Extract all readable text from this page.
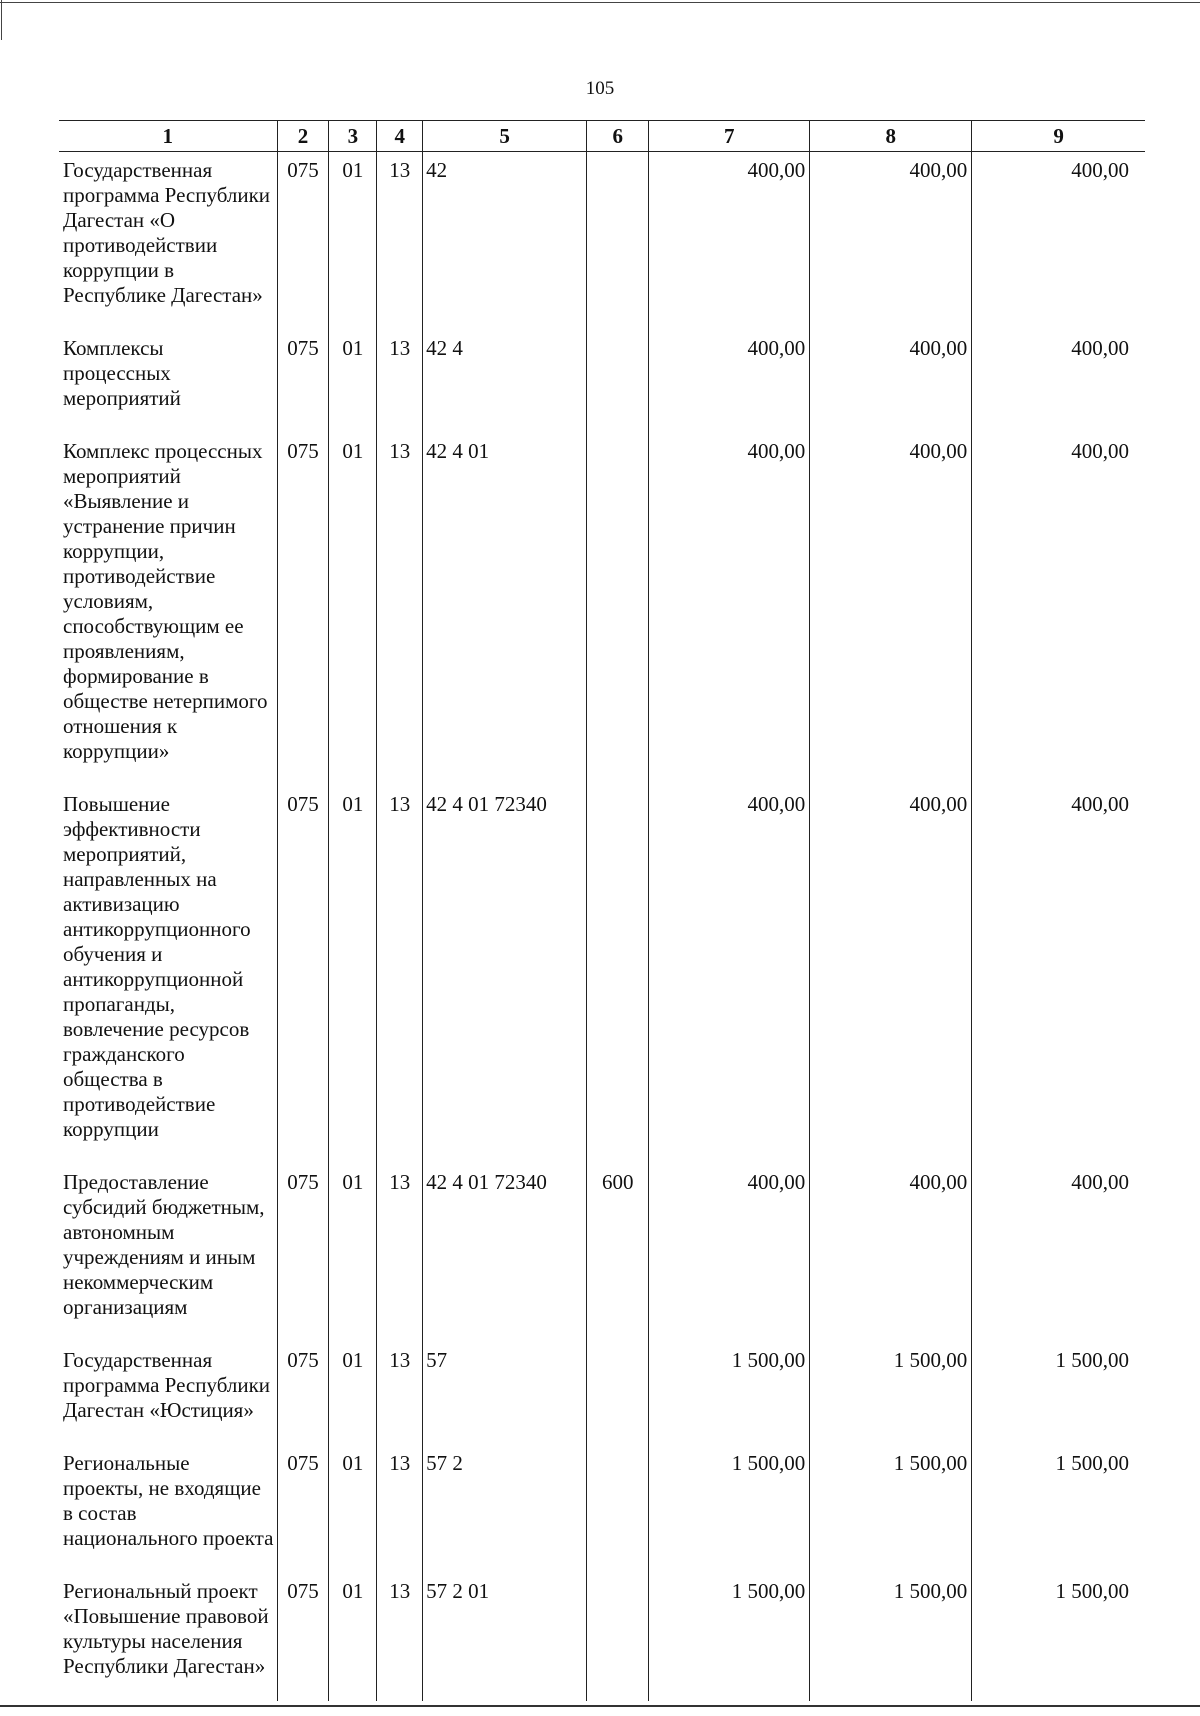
105
1	2	3	4	5	6	7	8	9
Государственная программа Республики Дагестан «О противодействии коррупции в Республике Дагестан»	075	01	13	42		400,00	400,00	400,00
Комплексы процессных мероприятий	075	01	13	42 4		400,00	400,00	400,00
Комплекс процессных мероприятий «Выявление и устранение причин коррупции, противодействие условиям, способствующим ее проявлениям, формирование в обществе нетерпимого отношения к коррупции»	075	01	13	42 4 01		400,00	400,00	400,00
Повышение эффективности мероприятий, направленных на активизацию антикоррупционного обучения и антикоррупционной пропаганды, вовлечение ресурсов гражданского общества в противодействие коррупции	075	01	13	42 4 01 72340		400,00	400,00	400,00
Предоставление субсидий бюджетным, автономным учреждениям и иным некоммерческим организациям	075	01	13	42 4 01 72340	600	400,00	400,00	400,00
Государственная программа Республики Дагестан «Юстиция»	075	01	13	57		1 500,00	1 500,00	1 500,00
Региональные проекты, не входящие в состав национального проекта	075	01	13	57 2		1 500,00	1 500,00	1 500,00
Региональный проект «Повышение правовой культуры населения Республики Дагестан»	075	01	13	57 2 01		1 500,00	1 500,00	1 500,00
